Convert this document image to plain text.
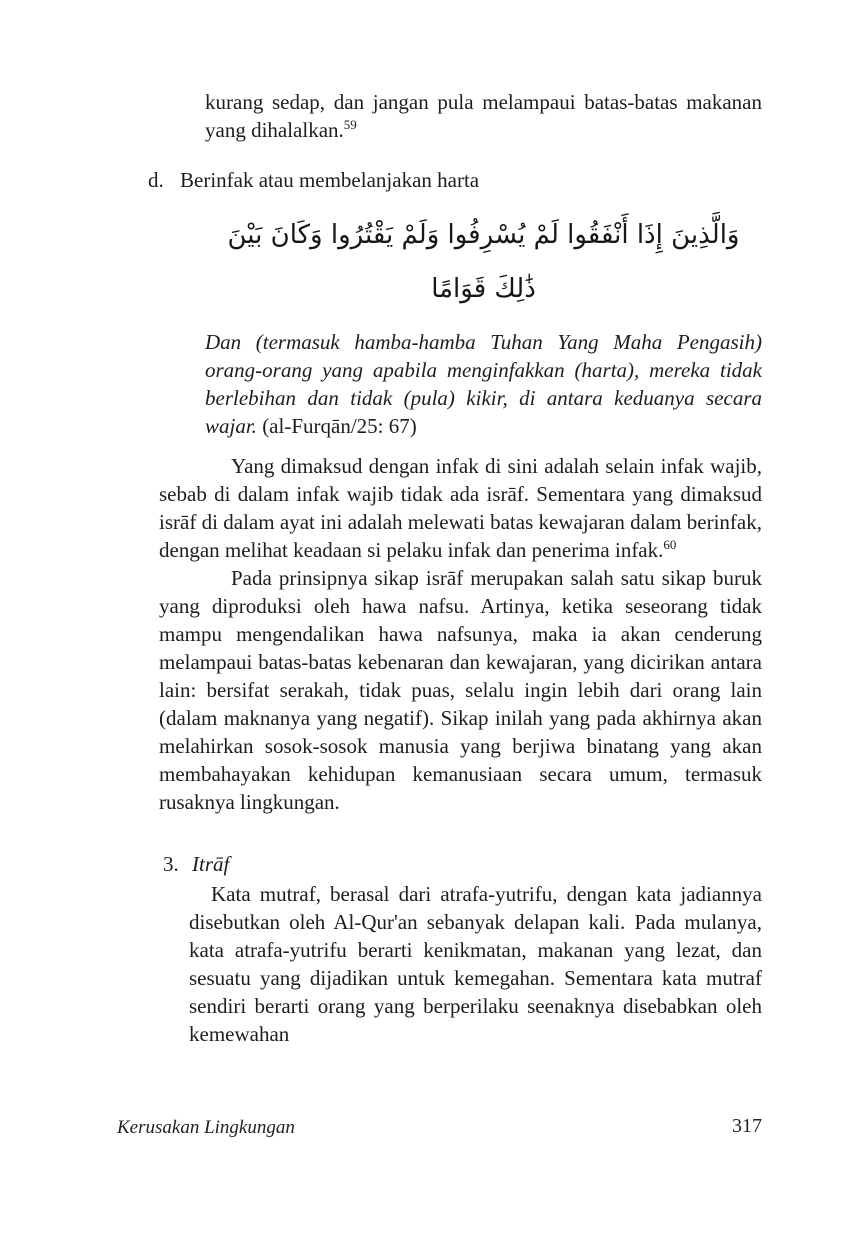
kurang sedap, dan jangan pula melampaui batas-batas makanan yang dihalalkan.$^{59}$

d. Berinfak atau membelanjakan harta
وَالَّذِينَ إِذَا أَنْفَقُوا لَمْ يُسْرِفُوا وَلَمْ يَقْتُرُوا وَكَانَ بَيْنَ ذَٰلِكَ قَوَامًا

Dan (termasuk hamba-hamba Tuhan Yang Maha Pengasih) orang-orang yang apabila menginfakkan (harta), mereka tidak berlebihan dan tidak (pula) kikir, di antara keduanya secara wajar. (al-Furqān/25: 67)

Yang dimaksud dengan infak di sini adalah selain infak wajib, sebab di dalam infak wajib tidak ada isrāf. Sementara yang dimaksud isrāf di dalam ayat ini adalah melewati batas kewajaran dalam berinfak, dengan melihat keadaan si pelaku infak dan penerima infak.$^{60}$

Pada prinsipnya sikap isrāf merupakan salah satu sikap buruk yang diproduksi oleh hawa nafsu. Artinya, ketika seseorang tidak mampu mengendalikan hawa nafsunya, maka ia akan cenderung melampaui batas-batas kebenaran dan kewajaran, yang dicirikan antara lain: bersifat serakah, tidak puas, selalu ingin lebih dari orang lain (dalam maknanya yang negatif). Sikap inilah yang pada akhirnya akan melahirkan sosok-sosok manusia yang berjiwa binatang yang akan membahayakan kehidupan kemanusiaan secara umum, termasuk rusaknya lingkungan.

3. Itrāf

Kata mutraf, berasal dari atrafa-yutrifu, dengan kata jadiannya disebutkan oleh Al-Qur'an sebanyak delapan kali. Pada mulanya, kata atrafa-yutrifu berarti kenikmatan, makanan yang lezat, dan sesuatu yang dijadikan untuk kemegahan. Sementara kata mutraf sendiri berarti orang yang berperilaku seenaknya disebabkan oleh kemewahan

Kerusakan Lingkungan	317
